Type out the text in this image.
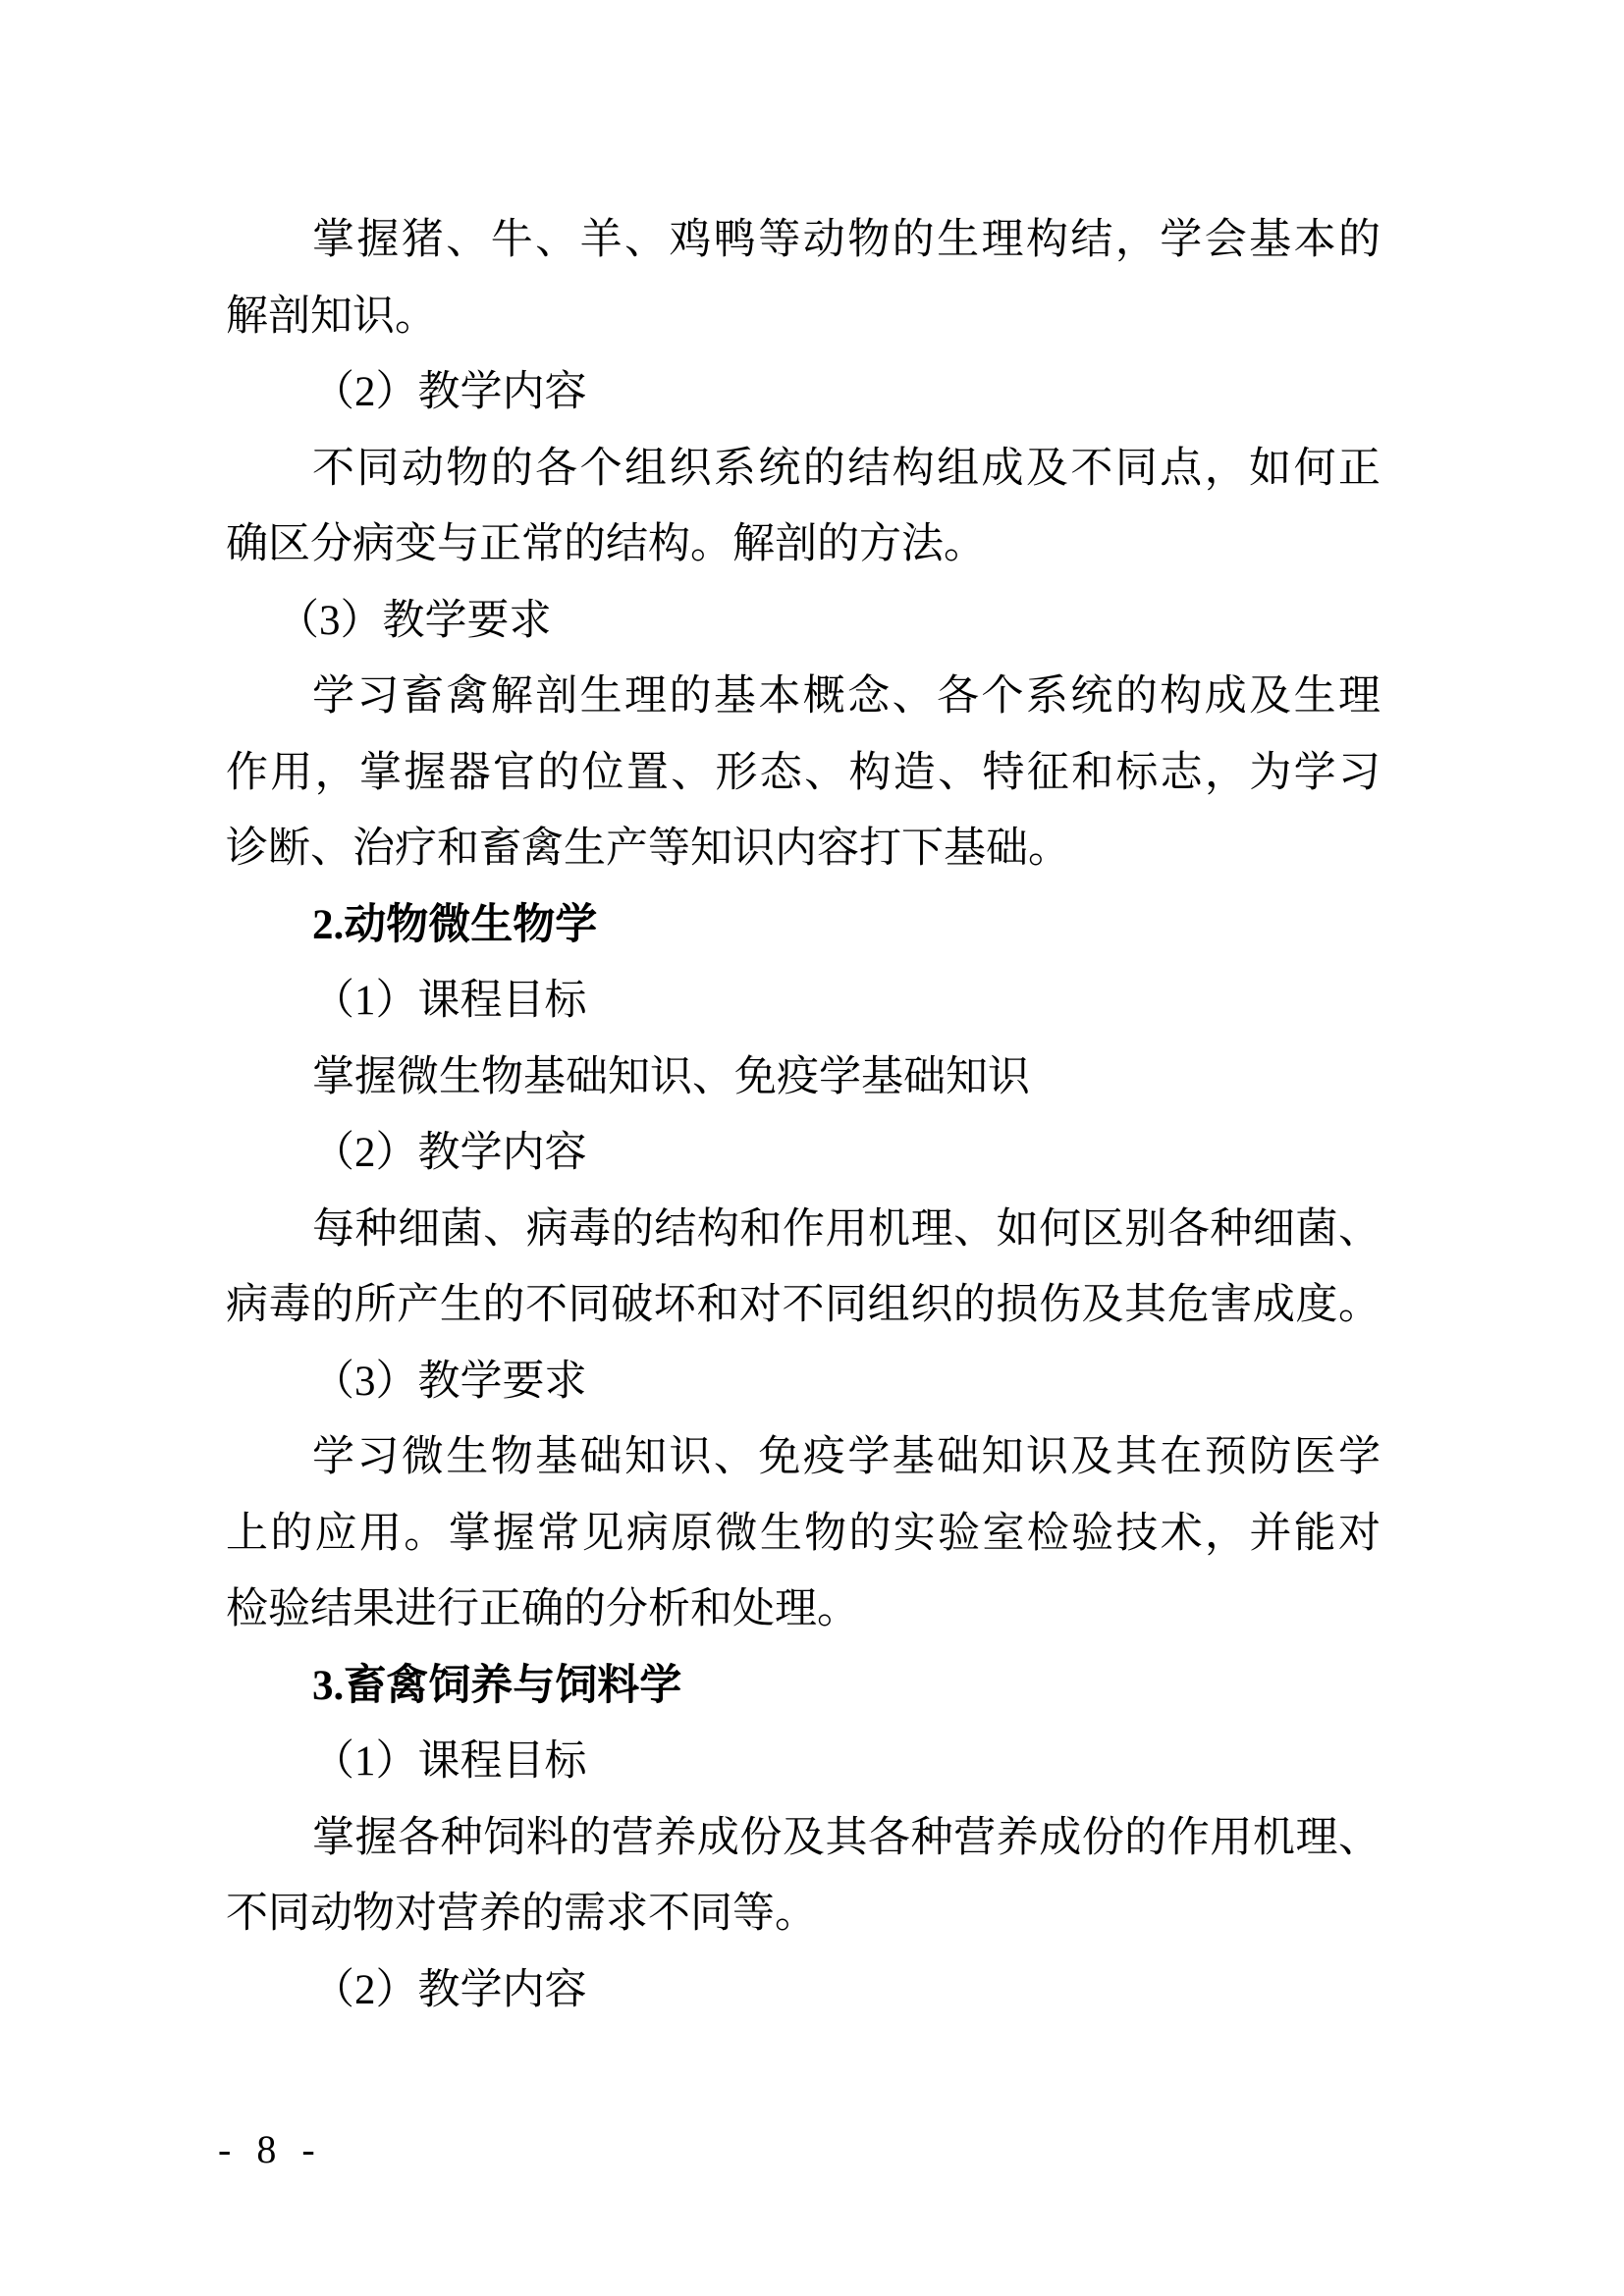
掌握猪、牛、羊、鸡鸭等动物的生理构结，学会基本的
解剖知识。
（2）教学内容
不同动物的各个组织系统的结构组成及不同点，如何正
确区分病变与正常的结构。解剖的方法。
（3）教学要求
学习畜禽解剖生理的基本概念、各个系统的构成及生理
作用，掌握器官的位置、形态、构造、特征和标志，为学习
诊断、治疗和畜禽生产等知识内容打下基础。
2.动物微生物学
（1）课程目标
掌握微生物基础知识、免疫学基础知识
（2）教学内容
每种细菌、病毒的结构和作用机理、如何区别各种细菌、
病毒的所产生的不同破坏和对不同组织的损伤及其危害成度。
（3）教学要求
学习微生物基础知识、免疫学基础知识及其在预防医学
上的应用。掌握常见病原微生物的实验室检验技术，并能对
检验结果进行正确的分析和处理。
3.畜禽饲养与饲料学
（1）课程目标
掌握各种饲料的营养成份及其各种营养成份的作用机理、
不同动物对营养的需求不同等。
（2）教学内容
- 8 -
